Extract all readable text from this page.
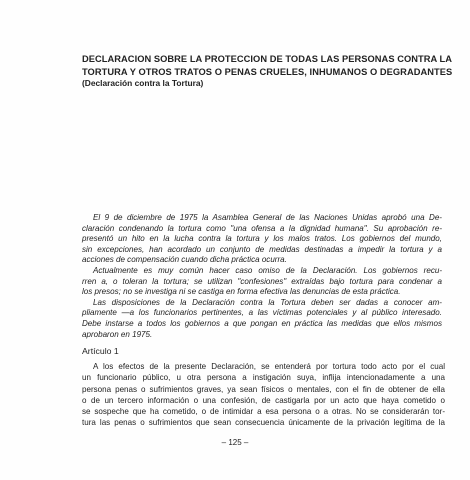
DECLARACION SOBRE LA PROTECCION DE TODAS LAS PERSONAS CONTRA LA
TORTURA Y OTROS TRATOS O PENAS CRUELES, INHUMANOS O DEGRADANTES
(Declaración contra la Tortura)

El 9 de diciembre de 1975 la Asamblea General de las Naciones Unidas aprobó una De-
claración condenando la tortura como "una ofensa a la dignidad humana". Su aprobación re-
presentó un hito en la lucha contra la tortura y los malos tratos. Los gobiernos del mundo,
sin excepciones, han acordado un conjunto de medidas destinadas a impedir la tortura y a
acciones de compensación cuando dicha práctica ocurra.

Actualmente es muy común hacer caso omiso de la Declaración. Los gobiernos recu-
rren a, o toleran la tortura; se utilizan "confesiones" extraídas bajo tortura para condenar a
los presos; no se investiga ni se castiga en forma efectiva las denuncias de esta práctica.

Las disposiciones de la Declaración contra la Tortura deben ser dadas a conocer am-
pliamente —a los funcionarios pertinentes, a las víctimas potenciales y al público interesado.
Debe instarse a todos los gobiernos a que pongan en práctica las medidas que ellos mismos
aprobaron en 1975.

Artículo 1
A los efectos de la presente Declaración, se entenderá por tortura todo acto por el cual
un funcionario público, u otra persona a instigación suya, inflija intencionadamente a una
persona penas o sufrimientos graves, ya sean físicos o mentales, con el fin de obtener de ella
o de un tercero información o una confesión, de castigarla por un acto que haya cometido o
se sospeche que ha cometido, o de intimidar a esa persona o a otras. No se considerarán tor-
tura las penas o sufrimientos que sean consecuencia únicamente de la privación legítima de la
– 125 –
